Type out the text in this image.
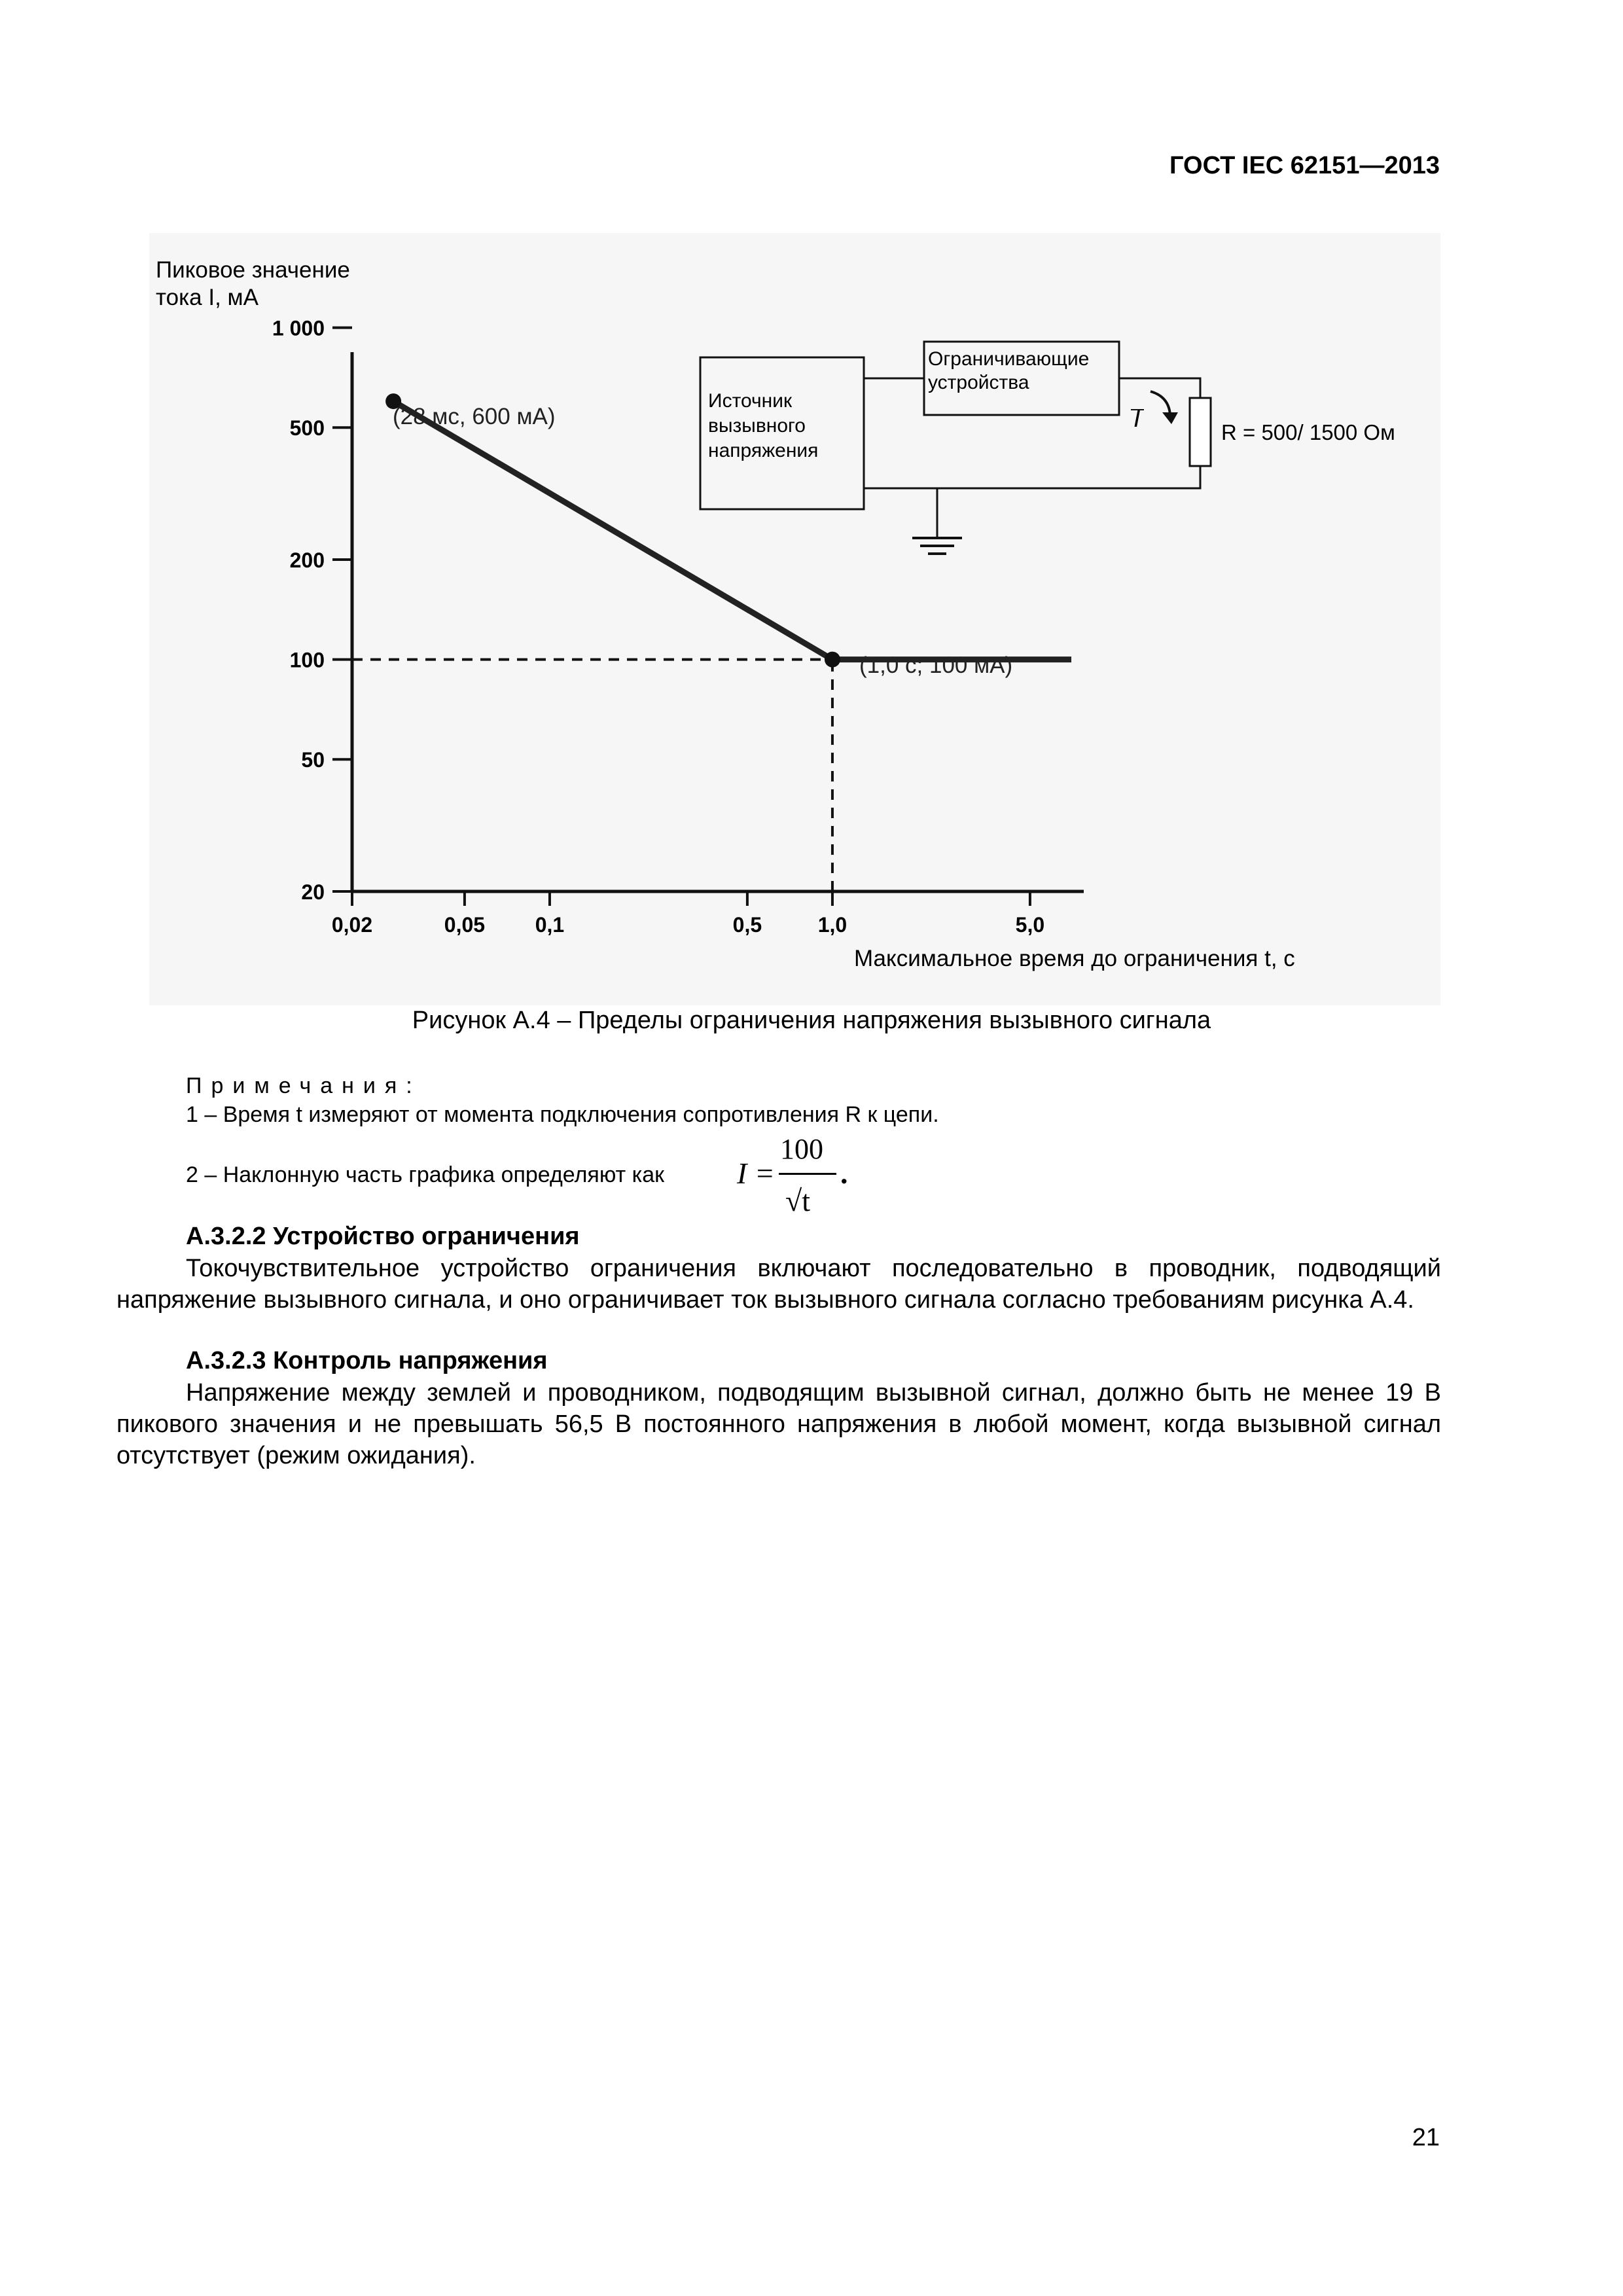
ГОСТ IEC 62151—2013
Пиковое значение
тока I, мА
1 000
500
200
100
50
20
0,02	0,05 0,1	0,5	1,0	5,0
(28 мс, 600 мА)
(1,0 с; 100 мА)
Максимальное время до ограничения t, с
Источник
вызывного
напряжения
Ограничивающие
устройства
I	R = 500/ 1500 Ом
Рисунок А.4 – Пределы ограничения напряжения вызывного сигнала
Примечания:
1 – Время t измеряют от момента подключения сопротивления R к цепи.
2 – Наклонную часть графика определяют как I =
100
√t
.
А.3.2.2 Устройство ограничения
Токочувствительное устройство ограничения включают последовательно в проводник, подводящий напряжение вызывного сигнала, и оно ограничивает ток вызывного сигнала согласно требованиям рисунка А.4.
А.3.2.3 Контроль напряжения
Напряжение между землей и проводником, подводящим вызывной сигнал, должно быть не менее 19 В пикового значения и не превышать 56,5 В постоянного напряжения в любой момент, когда вызывной сигнал отсутствует (режим ожидания).
21
